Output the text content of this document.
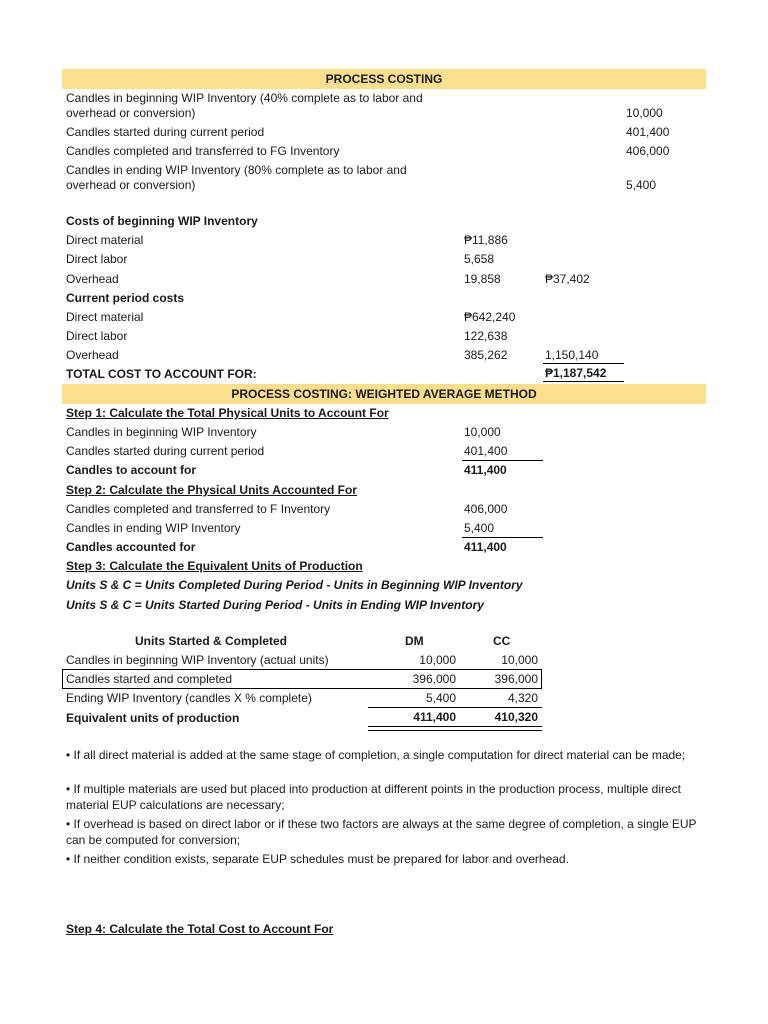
PROCESS COSTING
Candles in beginning WIP Inventory (40% complete as to labor and
overhead or conversion)	10,000
Candles started during current period	401,400
Candles completed and transferred to FG Inventory	406,000
Candles in ending WIP Inventory (80% complete as to labor and
overhead or conversion)	5,400
Costs of beginning WIP Inventory
Direct material	₱11,886
Direct labor	5,658
Overhead	19,858	₱37,402
Current period costs
Direct material	₱642,240
Direct labor	122,638
Overhead	385,262	1,150,140
TOTAL COST TO ACCOUNT FOR:	₱1,187,542
PROCESS COSTING: WEIGHTED AVERAGE METHOD
Step 1: Calculate the Total Physical Units to Account For
Candles in beginning WIP Inventory	10,000
Candles started during current period	401,400
Candles to account for	411,400
Step 2: Calculate the Physical Units Accounted For
Candles completed and transferred to F Inventory	406,000
Candles in ending WIP Inventory	5,400
Candles accounted for	411,400
Step 3: Calculate the Equivalent Units of Production
Units S & C = Units Completed During Period - Units in Beginning WIP Inventory
Units S & C = Units Started During Period - Units in Ending WIP Inventory
Units Started & Completed	DM	CC
Candles in beginning WIP Inventory (actual units)	10,000	10,000
Candles started and completed	396,000	396,000
Ending WIP Inventory (candles X % complete)	5,400	4,320
Equivalent units of production	411,400	410,320
• If all direct material is added at the same stage of completion, a single computation for direct material can be made;
• If multiple materials are used but placed into production at different points in the production process, multiple direct material EUP calculations are necessary;
• If overhead is based on direct labor or if these two factors are always at the same degree of completion, a single EUP can be computed for conversion;
• If neither condition exists, separate EUP schedules must be prepared for labor and overhead.
Step 4: Calculate the Total Cost to Account For
